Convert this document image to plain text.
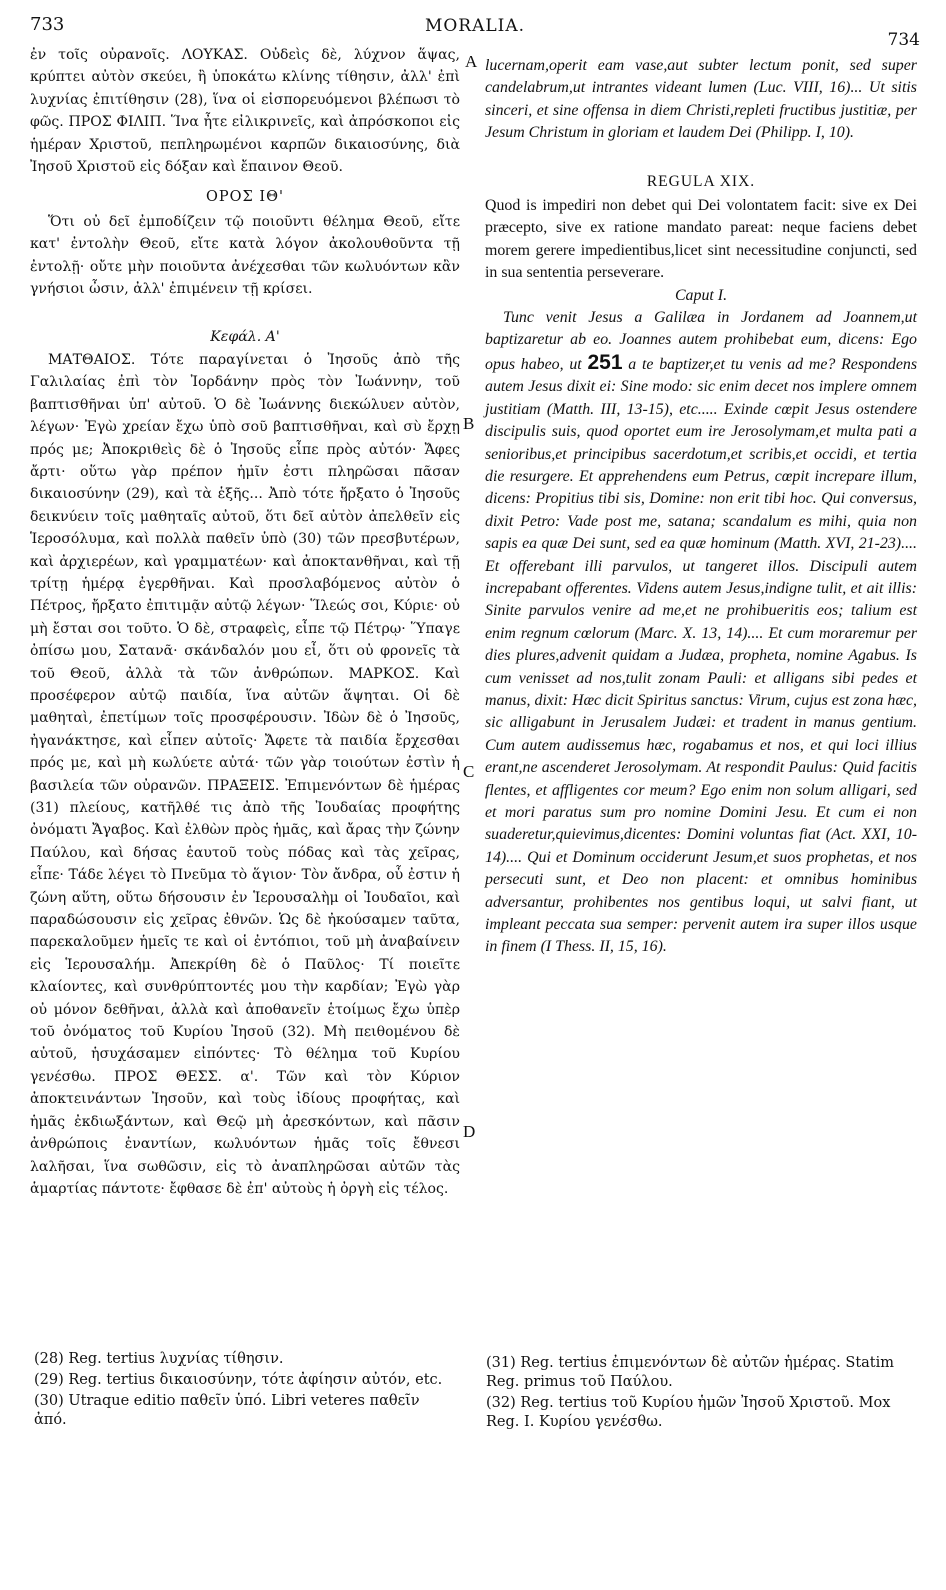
733	MORALIA.
734

ἐν τοῖς οὐρανοῖς. ΛΟΥΚΑΣ. Οὐδεὶς δὲ, λύχνον ἅψας, κρύπτει αὐτὸν σκεύει, ἢ ὑποκάτω κλίνης τίθησιν, ἀλλ' ἐπὶ λυχνίας ἐπιτίθησιν (28), ἵνα οἱ εἰσπορευόμενοι βλέπωσι τὸ φῶς. ΠΡΟΣ ΦΙΛΙΠ. Ἵνα ἦτε εἰλικρινεῖς, καὶ ἀπρόσκοποι εἰς ἡμέραν Χριστοῦ, πεπληρωμένοι καρπῶν δικαιοσύνης, διὰ Ἰησοῦ Χριστοῦ εἰς δόξαν καὶ ἔπαινον Θεοῦ.

ΟΡΟΣ ΙΘ'

Ὅτι οὐ δεῖ ἐμποδίζειν τῷ ποιοῦντι θέλημα Θεοῦ, εἴτε κατ' ἐντολὴν Θεοῦ, εἴτε κατὰ λόγον ἀκολουθοῦντα τῇ ἐντολῇ· οὔτε μὴν ποιοῦντα ἀνέχεσθαι τῶν κωλυόντων κἂν γνήσιοι ὦσιν, ἀλλ' ἐπιμένειν τῇ κρίσει.

Κεφάλ. Α'

ΜΑΤΘΑΙΟΣ. Τότε παραγίνεται ὁ Ἰησοῦς ἀπὸ τῆς Γαλιλαίας ἐπὶ τὸν Ἰορδάνην πρὸς τὸν Ἰωάννην, τοῦ βαπτισθῆναι ὑπ' αὐτοῦ. Ὁ δὲ Ἰωάννης διεκώλυεν αὐτὸν, λέγων· Ἐγὼ χρείαν ἔχω ὑπὸ σοῦ βαπτισθῆναι, καὶ σὺ ἔρχῃ πρός με; Ἀποκριθεὶς δὲ ὁ Ἰησοῦς εἶπε πρὸς αὐτόν· Ἄφες ἄρτι· οὕτω γὰρ πρέπον ἡμῖν ἐστι πληρῶσαι πᾶσαν δικαιοσύνην (29), καὶ τὰ ἑξῆς... Ἀπὸ τότε ἤρξατο ὁ Ἰησοῦς δεικνύειν τοῖς μαθηταῖς αὐτοῦ, ὅτι δεῖ αὐτὸν ἀπελθεῖν εἰς Ἱεροσόλυμα, καὶ πολλὰ παθεῖν ὑπὸ (30) τῶν πρεσβυτέρων, καὶ ἀρχιερέων, καὶ γραμματέων· καὶ ἀποκτανθῆναι, καὶ τῇ τρίτῃ ἡμέρᾳ ἐγερθῆναι. Καὶ προσλαβόμενος αὐτὸν ὁ Πέτρος, ἤρξατο ἐπιτιμᾷν αὐτῷ λέγων· Ἵλεώς σοι, Κύριε· οὐ μὴ ἔσται σοι τοῦτο. Ὁ δὲ, στραφεὶς, εἶπε τῷ Πέτρῳ· Ὕπαγε ὀπίσω μου, Σατανᾶ· σκάνδαλόν μου εἶ, ὅτι οὐ φρονεῖς τὰ τοῦ Θεοῦ, ἀλλὰ τὰ τῶν ἀνθρώπων. ΜΑΡΚΟΣ. Καὶ προσέφερον αὐτῷ παιδία, ἵνα αὐτῶν ἅψηται. Οἱ δὲ μαθηταὶ, ἐπετίμων τοῖς προσφέρουσιν. Ἰδὼν δὲ ὁ Ἰησοῦς, ἠγανάκτησε, καὶ εἶπεν αὐτοῖς· Ἄφετε τὰ παιδία ἔρχεσθαι πρός με, καὶ μὴ κωλύετε αὐτά· τῶν γὰρ τοιούτων ἐστὶν ἡ βασιλεία τῶν οὐρανῶν. ΠΡΑΞΕΙΣ. Ἐπιμενόντων δὲ ἡμέρας (31) πλείους, κατῆλθέ τις ἀπὸ τῆς Ἰουδαίας προφήτης ὀνόματι Ἄγαβος. Καὶ ἐλθὼν πρὸς ἡμᾶς, καὶ ἄρας τὴν ζώνην Παύλου, καὶ δήσας ἑαυτοῦ τοὺς πόδας καὶ τὰς χεῖρας, εἶπε· Τάδε λέγει τὸ Πνεῦμα τὸ ἅγιον· Τὸν ἄνδρα, οὗ ἐστιν ἡ ζώνη αὕτη, οὕτω δήσουσιν ἐν Ἱερουσαλὴμ οἱ Ἰουδαῖοι, καὶ παραδώσουσιν εἰς χεῖρας ἐθνῶν. Ὡς δὲ ἠκούσαμεν ταῦτα, παρεκαλοῦμεν ἡμεῖς τε καὶ οἱ ἐντόπιοι, τοῦ μὴ ἀναβαίνειν εἰς Ἱερουσαλήμ. Ἀπεκρίθη δὲ ὁ Παῦλος· Τί ποιεῖτε κλαίοντες, καὶ συνθρύπτοντές μου τὴν καρδίαν; Ἐγὼ γὰρ οὐ μόνον δεθῆναι, ἀλλὰ καὶ ἀποθανεῖν ἑτοίμως ἔχω ὑπὲρ τοῦ ὀνόματος τοῦ Κυρίου Ἰησοῦ (32). Μὴ πειθομένου δὲ αὐτοῦ, ἡσυχάσαμεν εἰπόντες· Τὸ θέλημα τοῦ Κυρίου γενέσθω. ΠΡΟΣ ΘΕΣΣ. α'. Τῶν καὶ τὸν Κύριον ἀποκτεινάντων Ἰησοῦν, καὶ τοὺς ἰδίους προφήτας, καὶ ἡμᾶς ἐκδιωξάντων, καὶ Θεῷ μὴ ἀρεσκόντων, καὶ πᾶσιν ἀνθρώποις ἐναντίων, κωλυόντων ἡμᾶς τοῖς ἔθνεσι λαλῆσαι, ἵνα σωθῶσιν, εἰς τὸ ἀναπληρῶσαι αὐτῶν τὰς ἁμαρτίας πάντοτε· ἔφθασε δὲ ἐπ' αὐτοὺς ἡ ὀργὴ εἰς τέλος.

A
B
C
D

lucernam,operit eam vase,aut subter lectum ponit, sed super candelabrum,ut intrantes videant lumen (Luc. VIII, 16)... Ut sitis sinceri, et sine offensa in diem Christi,repleti fructibus justitiæ, per Jesum Christum in gloriam et laudem Dei (Philipp. I, 10).

REGULA XIX.

Quod is impediri non debet qui Dei volontatem facit: sive ex Dei præcepto, sive ex ratione mandato pareat: neque faciens debet morem gerere impedientibus,licet sint necessitudine conjuncti, sed in sua sententia perseverare.

Caput I.

Tunc venit Jesus a Galilæa in Jordanem ad Joannem,ut baptizaretur ab eo. Joannes autem prohibebat eum, dicens: Ego opus habeo, ut 251 a te baptizer,et tu venis ad me? Respondens autem Jesus dixit ei: Sine modo: sic enim decet nos implere omnem justitiam (Matth. III, 13-15), etc..... Exinde cœpit Jesus ostendere discipulis suis, quod oportet eum ire Jerosolymam,et multa pati a senioribus,et principibus sacerdotum,et scribis,et occidi, et tertia die resurgere. Et apprehendens eum Petrus, cœpit increpare illum, dicens: Propitius tibi sis, Domine: non erit tibi hoc. Qui conversus, dixit Petro: Vade post me, satana; scandalum es mihi, quia non sapis ea quæ Dei sunt, sed ea quæ hominum (Matth. XVI, 21-23).... Et offerebant illi parvulos, ut tangeret illos. Discipuli autem increpabant offerentes. Videns autem Jesus,indigne tulit, et ait illis: Sinite parvulos venire ad me,et ne prohibueritis eos; talium est enim regnum cœlorum (Marc. X. 13, 14).... Et cum moraremur per dies plures,advenit quidam a Judæa, propheta, nomine Agabus. Is cum venisset ad nos,tulit zonam Pauli: et alligans sibi pedes et manus, dixit: Hæc dicit Spiritus sanctus: Virum, cujus est zona hæc, sic alligabunt in Jerusalem Judæi: et tradent in manus gentium. Cum autem audissemus hæc, rogabamus et nos, et qui loci illius erant,ne ascenderet Jerosolymam. At respondit Paulus: Quid facitis flentes, et affligentes cor meum? Ego enim non solum alligari, sed et mori paratus sum pro nomine Domini Jesu. Et cum ei non suaderetur,quievimus,dicentes: Domini voluntas fiat (Act. XXI, 10-14).... Qui et Dominum occiderunt Jesum,et suos prophetas, et nos persecuti sunt, et Deo non placent: et omnibus hominibus adversantur, prohibentes nos gentibus loqui, ut salvi fiant, ut impleant peccata sua semper: pervenit autem ira super illos usque in finem (I Thess. II, 15, 16).

(28) Reg. tertius λυχνίας τίθησιν.

(29) Reg. tertius δικαιοσύνην, τότε ἀφίησιν αὐτόν, etc.

(30) Utraque editio παθεῖν ὑπό. Libri veteres παθεῖν ἀπό.

(31) Reg. tertius ἐπιμενόντων δὲ αὐτῶν ἡμέρας. Statim Reg. primus τοῦ Παύλου.

(32) Reg. tertius τοῦ Κυρίου ἡμῶν Ἰησοῦ Χριστοῦ. Mox Reg. I. Κυρίου γενέσθω.
